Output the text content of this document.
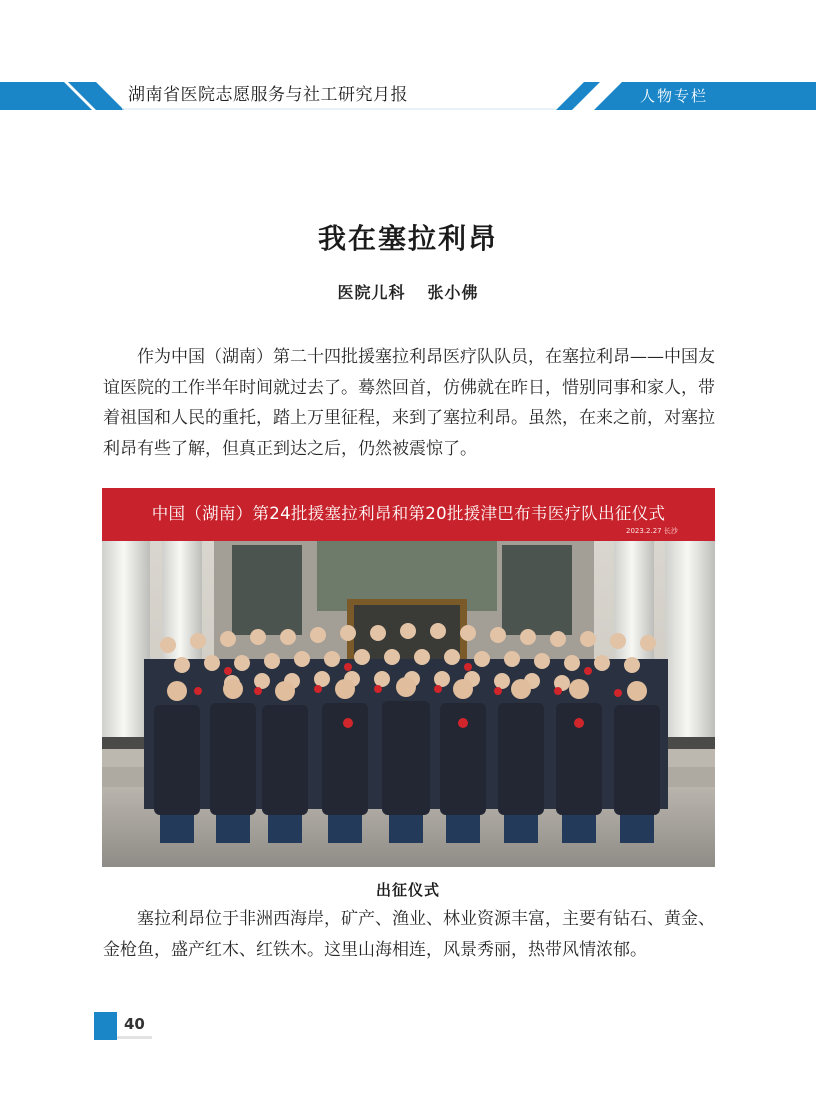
湖南省医院志愿服务与社工研究月报	人物专栏
我在塞拉利昂
医院儿科 张小佛

作为中国（湖南）第二十四批援塞拉利昂医疗队队员，在塞拉利昂——中国友谊医院的工作半年时间就过去了。蓦然回首，仿佛就在昨日，惜别同事和家人，带着祖国和人民的重托，踏上万里征程，来到了塞拉利昂。虽然，在来之前，对塞拉利昂有些了解，但真正到达之后，仍然被震惊了。

中国（湖南）第24批援塞拉利昂和第20批援津巴布韦医疗队出征仪式
2023.2.27 长沙
出征仪式

塞拉利昂位于非洲西海岸，矿产、渔业、林业资源丰富，主要有钻石、黄金、金枪鱼，盛产红木、红铁木。这里山海相连，风景秀丽，热带风情浓郁。

40
